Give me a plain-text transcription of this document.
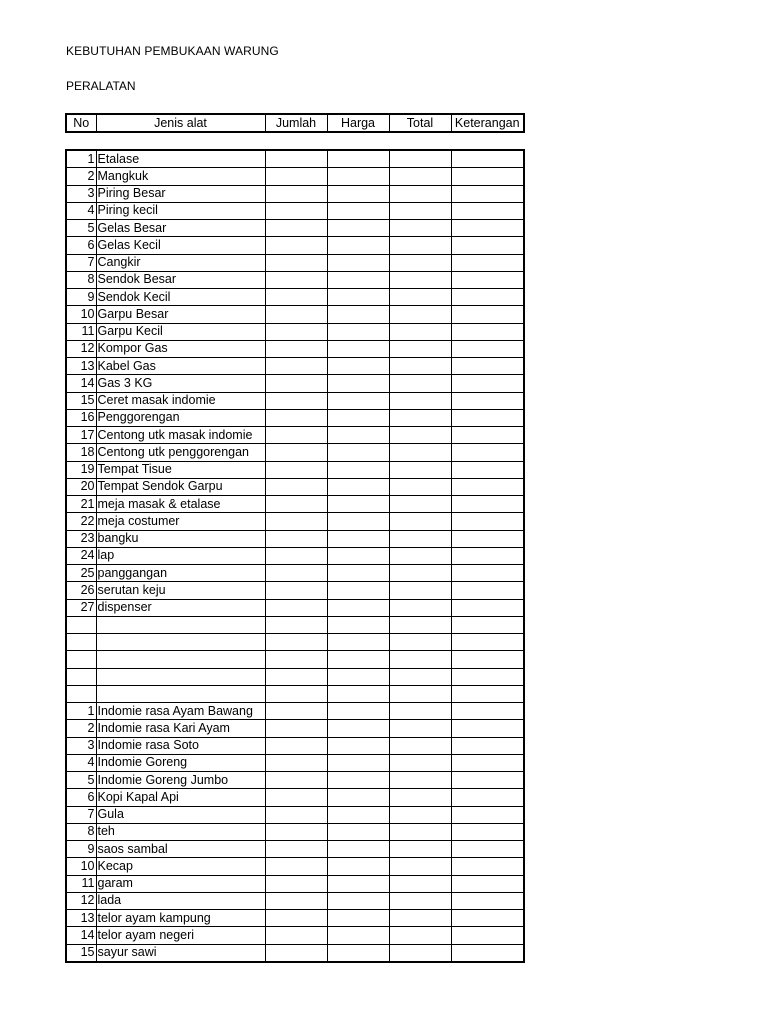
KEBUTUHAN PEMBUKAAN WARUNG
PERALATAN
No	Jenis alat	Jumlah	Harga	Total	Keterangan
1	Etalase				
2	Mangkuk				
3	Piring Besar				
4	Piring kecil				
5	Gelas Besar				
6	Gelas Kecil				
7	Cangkir				
8	Sendok Besar				
9	Sendok Kecil				
10	Garpu Besar				
11	Garpu Kecil				
12	Kompor Gas				
13	Kabel Gas				
14	Gas 3 KG				
15	Ceret masak indomie				
16	Penggorengan				
17	Centong utk masak indomie				
18	Centong utk penggorengan				
19	Tempat Tisue				
20	Tempat Sendok Garpu				
21	meja masak & etalase				
22	meja costumer				
23	bangku				
24	lap				
25	panggangan				
26	serutan keju				
27	dispenser				

1	Indomie rasa Ayam Bawang				
2	Indomie rasa Kari Ayam				
3	Indomie rasa Soto				
4	Indomie Goreng				
5	Indomie Goreng Jumbo				
6	Kopi Kapal Api				
7	Gula				
8	teh				
9	saos sambal				
10	Kecap				
11	garam				
12	lada				
13	telor ayam kampung				
14	telor ayam negeri				
15	sayur sawi				
